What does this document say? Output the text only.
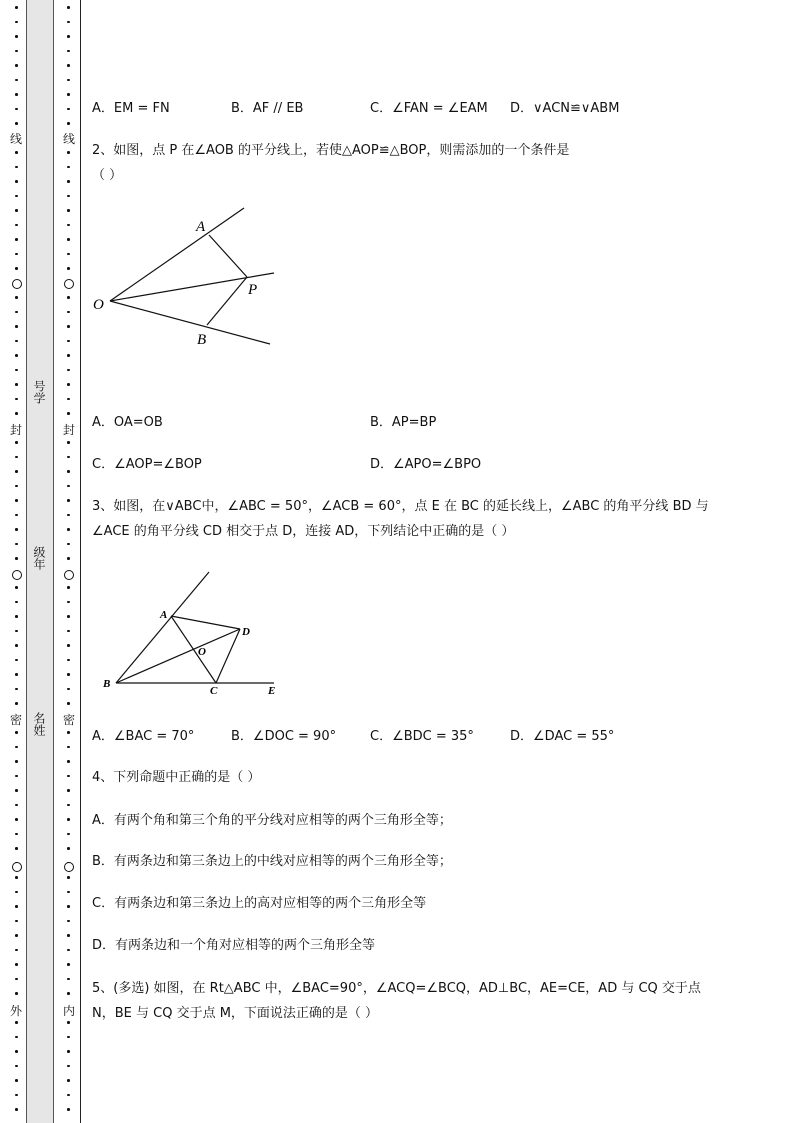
线
封
密
外
线
封
密
内
号学
级年
名姓
A．EM = FN	B．AF // EB	C．∠FAN = ∠EAM D．∨ACN≌∨ABM
2、如图，点 P 在∠AOB 的平分线上，若使△AOP≌△BOP，则需添加的一个条件是
（ ）
A
O
P
B
A．OA=OB	B．AP=BP
C．∠AOP=∠BOP	D．∠APO=∠BPO
3、如图，在∨ABC中，∠ABC = 50°，∠ACB = 60°，点 E 在 BC 的延长线上，∠ABC 的角平分线 BD 与
∠ACE 的角平分线 CD 相交于点 D，连接 AD，下列结论中正确的是（ ）
A
B
C
D
E
O
A．∠BAC = 70°	B．∠DOC = 90°	C．∠BDC = 35°	D．∠DAC = 55°
4、下列命题中正确的是（ ）
A．有两个角和第三个角的平分线对应相等的两个三角形全等；
B．有两条边和第三条边上的中线对应相等的两个三角形全等；
C．有两条边和第三条边上的高对应相等的两个三角形全等
D．有两条边和一个角对应相等的两个三角形全等
5、(多选) 如图，在 Rt△ABC 中，∠BAC=90°，∠ACQ=∠BCQ，AD⊥BC，AE=CE，AD 与 CQ 交于点
N，BE 与 CQ 交于点 M，下面说法正确的是（ ）
